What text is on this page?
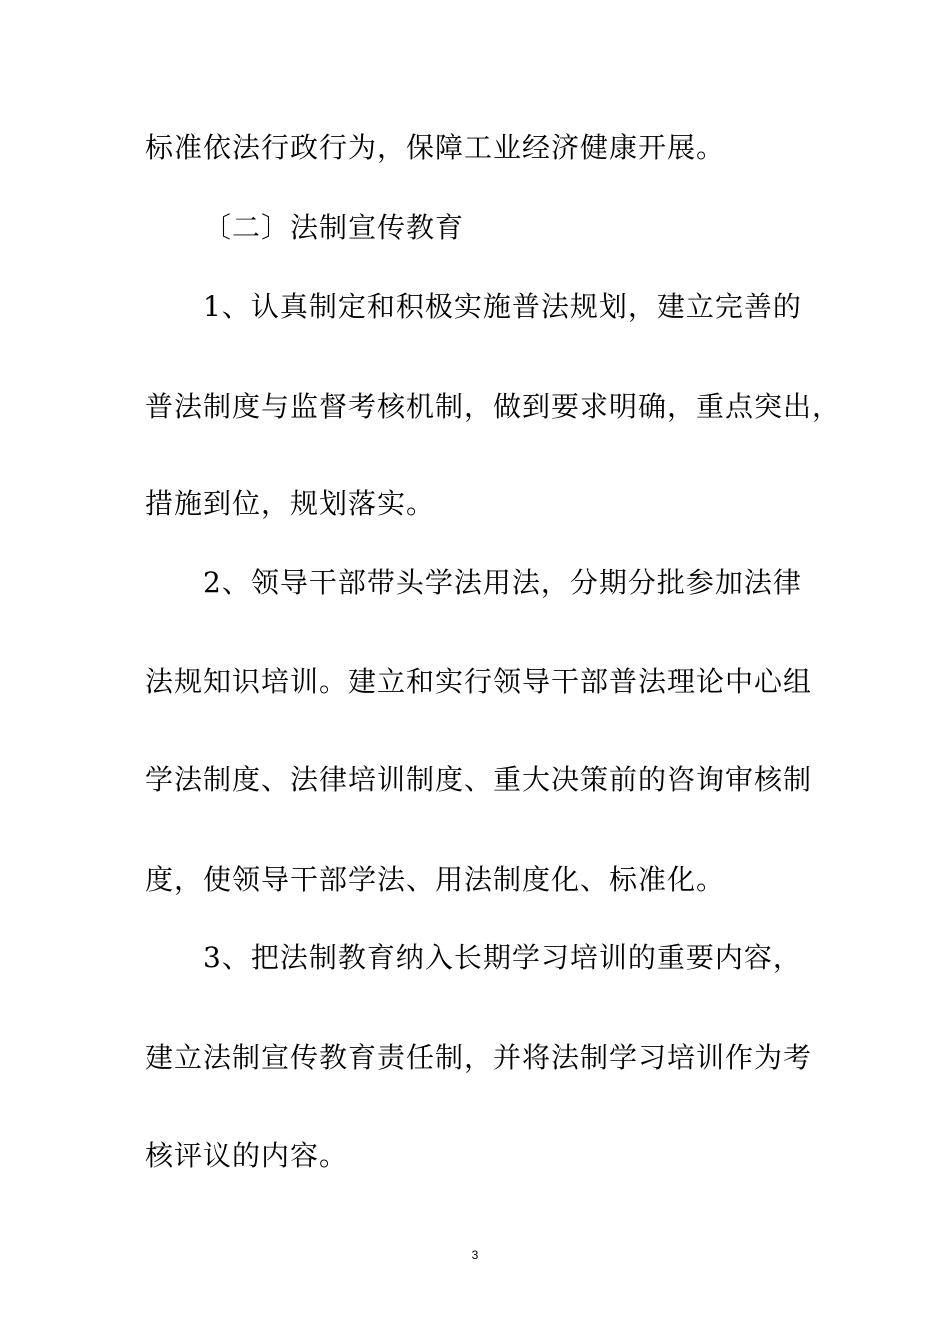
标准依法行政行为，保障工业经济健康开展。
〔二〕法制宣传教育
1、认真制定和积极实施普法规划，建立完善的
普法制度与监督考核机制，做到要求明确，重点突出，
措施到位，规划落实。
2、领导干部带头学法用法，分期分批参加法律
法规知识培训。建立和实行领导干部普法理论中心组
学法制度、法律培训制度、重大决策前的咨询审核制
度，使领导干部学法、用法制度化、标准化。
3、把法制教育纳入长期学习培训的重要内容，
建立法制宣传教育责任制，并将法制学习培训作为考
核评议的内容。
3
